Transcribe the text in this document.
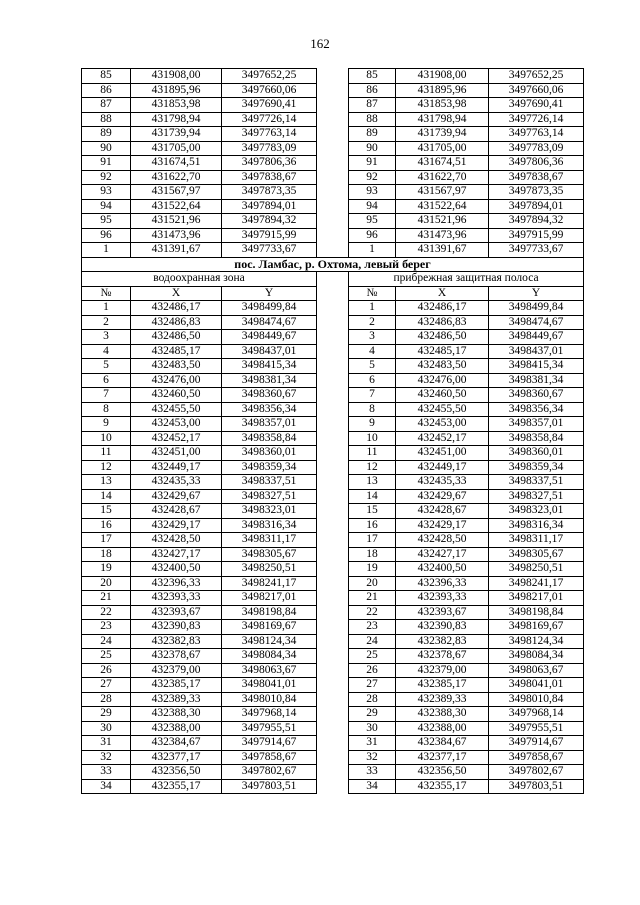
162
85	431908,00	3497652,25		85	431908,00	3497652,25
86	431895,96	3497660,06		86	431895,96	3497660,06
87	431853,98	3497690,41		87	431853,98	3497690,41
88	431798,94	3497726,14		88	431798,94	3497726,14
89	431739,94	3497763,14		89	431739,94	3497763,14
90	431705,00	3497783,09		90	431705,00	3497783,09
91	431674,51	3497806,36		91	431674,51	3497806,36
92	431622,70	3497838,67		92	431622,70	3497838,67
93	431567,97	3497873,35		93	431567,97	3497873,35
94	431522,64	3497894,01		94	431522,64	3497894,01
95	431521,96	3497894,32		95	431521,96	3497894,32
96	431473,96	3497915,99		96	431473,96	3497915,99
1	431391,67	3497733,67		1	431391,67	3497733,67
пос. Ламбас, р. Охтома, левый берег						
водоохранная зона				прибрежная защитная полоса		
№	X	Y		№	X	Y
1	432486,17	3498499,84		1	432486,17	3498499,84
2	432486,83	3498474,67		2	432486,83	3498474,67
3	432486,50	3498449,67		3	432486,50	3498449,67
4	432485,17	3498437,01		4	432485,17	3498437,01
5	432483,50	3498415,34		5	432483,50	3498415,34
6	432476,00	3498381,34		6	432476,00	3498381,34
7	432460,50	3498360,67		7	432460,50	3498360,67
8	432455,50	3498356,34		8	432455,50	3498356,34
9	432453,00	3498357,01		9	432453,00	3498357,01
10	432452,17	3498358,84		10	432452,17	3498358,84
11	432451,00	3498360,01		11	432451,00	3498360,01
12	432449,17	3498359,34		12	432449,17	3498359,34
13	432435,33	3498337,51		13	432435,33	3498337,51
14	432429,67	3498327,51		14	432429,67	3498327,51
15	432428,67	3498323,01		15	432428,67	3498323,01
16	432429,17	3498316,34		16	432429,17	3498316,34
17	432428,50	3498311,17		17	432428,50	3498311,17
18	432427,17	3498305,67		18	432427,17	3498305,67
19	432400,50	3498250,51		19	432400,50	3498250,51
20	432396,33	3498241,17		20	432396,33	3498241,17
21	432393,33	3498217,01		21	432393,33	3498217,01
22	432393,67	3498198,84		22	432393,67	3498198,84
23	432390,83	3498169,67		23	432390,83	3498169,67
24	432382,83	3498124,34		24	432382,83	3498124,34
25	432378,67	3498084,34		25	432378,67	3498084,34
26	432379,00	3498063,67		26	432379,00	3498063,67
27	432385,17	3498041,01		27	432385,17	3498041,01
28	432389,33	3498010,84		28	432389,33	3498010,84
29	432388,30	3497968,14		29	432388,30	3497968,14
30	432388,00	3497955,51		30	432388,00	3497955,51
31	432384,67	3497914,67		31	432384,67	3497914,67
32	432377,17	3497858,67		32	432377,17	3497858,67
33	432356,50	3497802,67		33	432356,50	3497802,67
34	432355,17	3497803,51		34	432355,17	3497803,51
